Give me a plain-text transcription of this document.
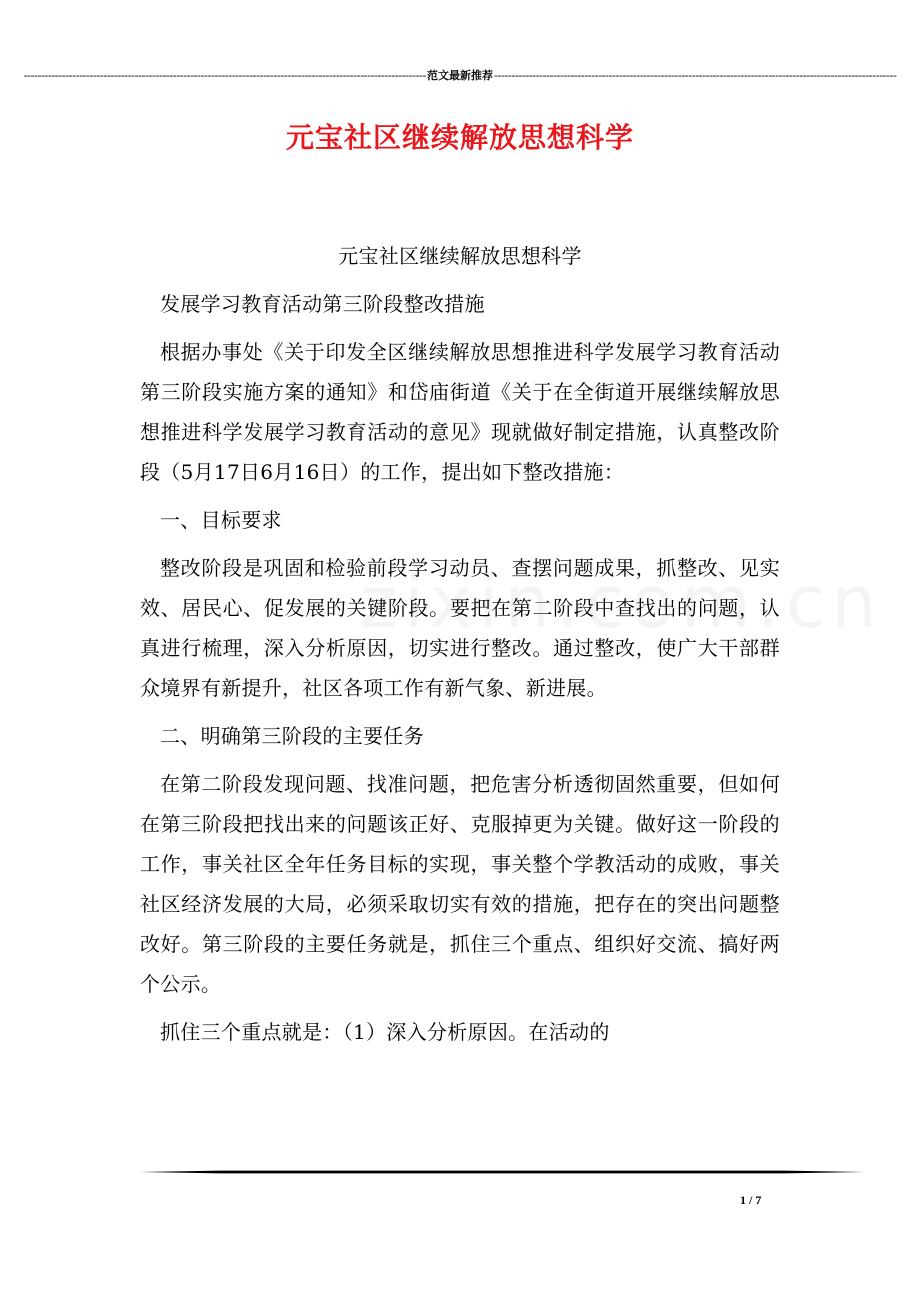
-------------------------------------------------------------------------------------------------------------------- 范文最新推荐 --------------------------------------------------------------------------------------------------------------------
元宝社区继续解放思想科学

元宝社区继续解放思想科学

发展学习教育活动第三阶段整改措施

根据办事处《关于印发全区继续解放思想推进科学发展学习教育活动第三阶段实施方案的通知》和岱庙街道《关于在全街道开展继续解放思想推进科学发展学习教育活动的意见》现就做好制定措施，认真整改阶段（5月17日6月16日）的工作，提出如下整改措施：

一、目标要求

整改阶段是巩固和检验前段学习动员、查摆问题成果，抓整改、见实效、居民心、促发展的关键阶段。要把在第二阶段中查找出的问题，认真进行梳理，深入分析原因，切实进行整改。通过整改，使广大干部群众境界有新提升，社区各项工作有新气象、新进展。

二、明确第三阶段的主要任务

在第二阶段发现问题、找准问题，把危害分析透彻固然重要，但如何在第三阶段把找出来的问题该正好、克服掉更为关键。做好这一阶段的工作，事关社区全年任务目标的实现，事关整个学教活动的成败，事关社区经济发展的大局，必须采取切实有效的措施，把存在的突出问题整改好。第三阶段的主要任务就是，抓住三个重点、组织好交流、搞好两个公示。

抓住三个重点就是：（1）深入分析原因。在活动的

1 / 7
